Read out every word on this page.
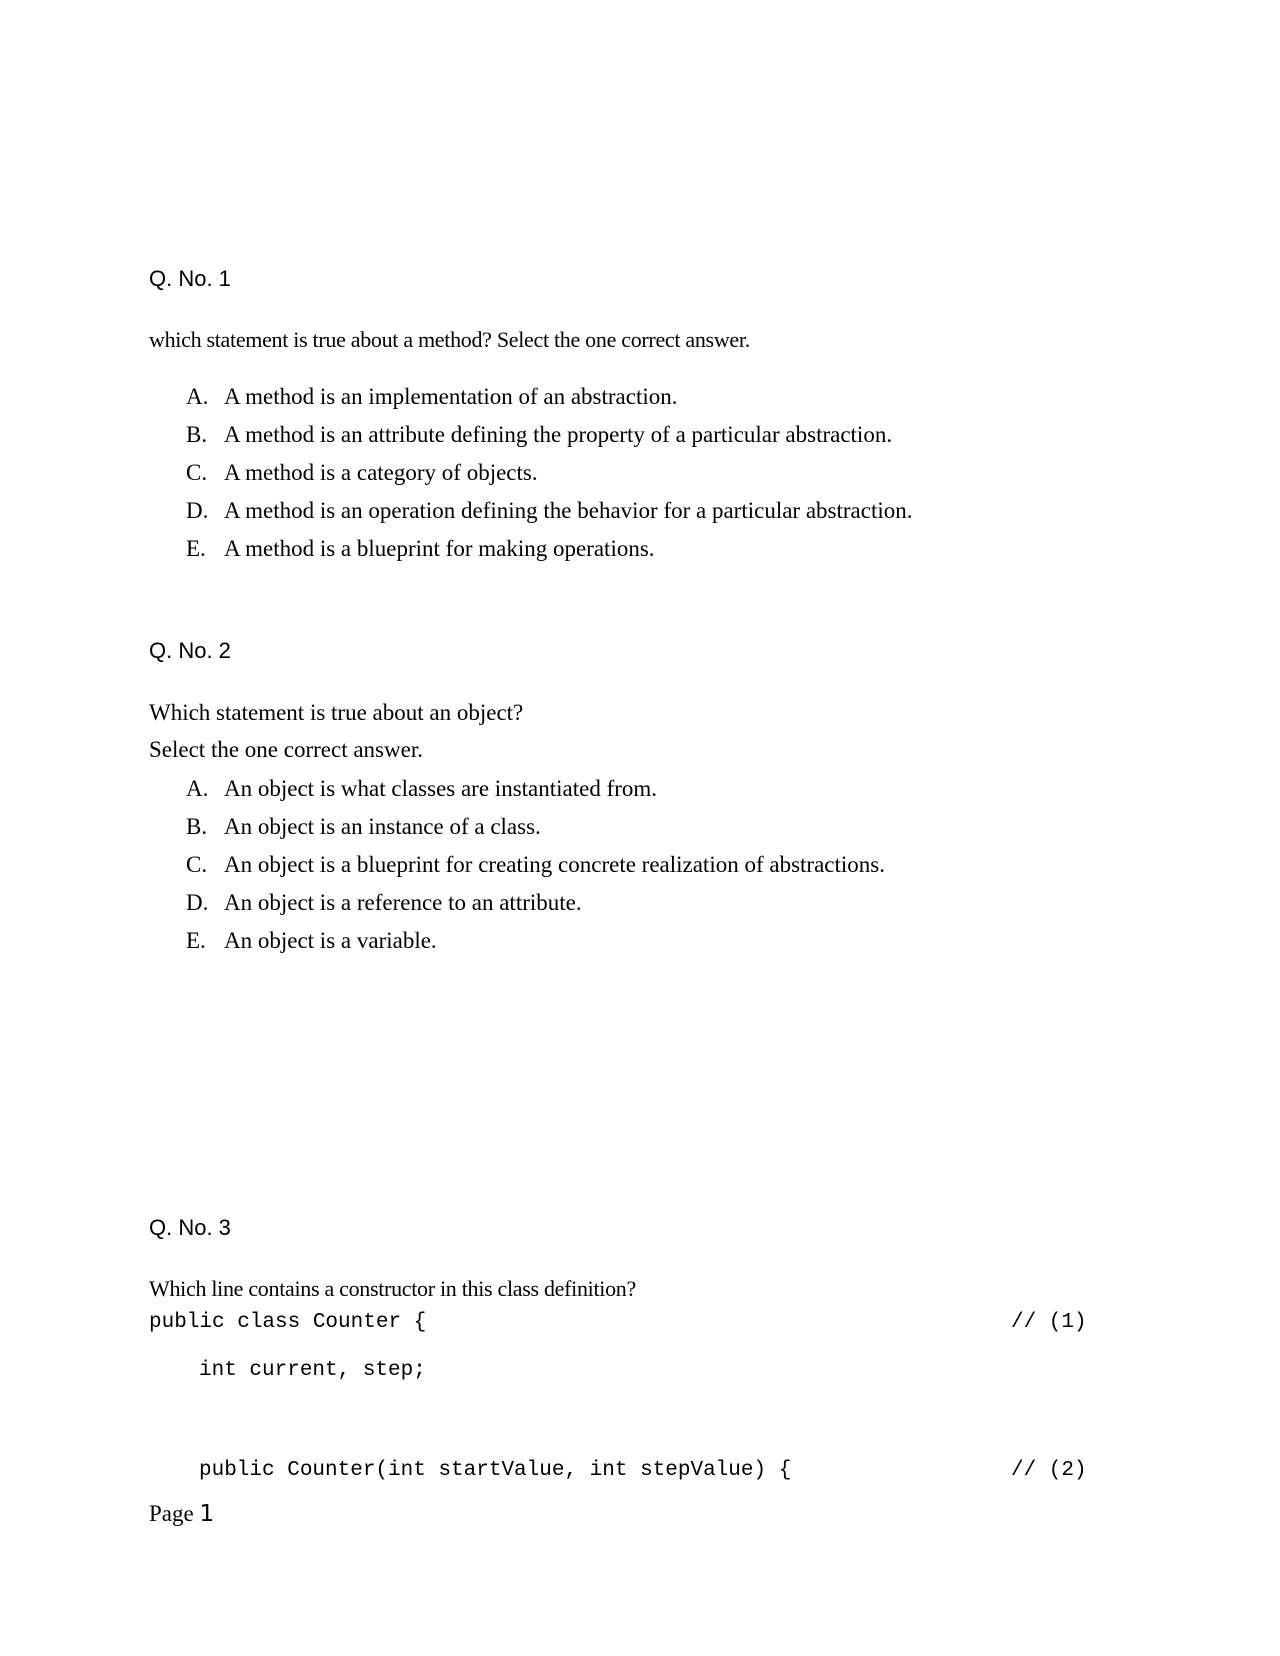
Q. No. 1
which statement is true about a method? Select the one correct answer.
A. A method is an implementation of an abstraction.
B. A method is an attribute defining the property of a particular abstraction.
C. A method is a category of objects.
D. A method is an operation defining the behavior for a particular abstraction.
E. A method is a blueprint for making operations.
Q. No. 2
Which statement is true about an object?
Select the one correct answer.
A. An object is what classes are instantiated from.
B. An object is an instance of a class.
C. An object is a blueprint for creating concrete realization of abstractions.
D. An object is a reference to an attribute.
E. An object is a variable.
Q. No. 3
Which line contains a constructor in this class definition?
public class Counter {	// (1)
int current, step;
public Counter(int startValue, int stepValue) {	// (2)
Page 1
